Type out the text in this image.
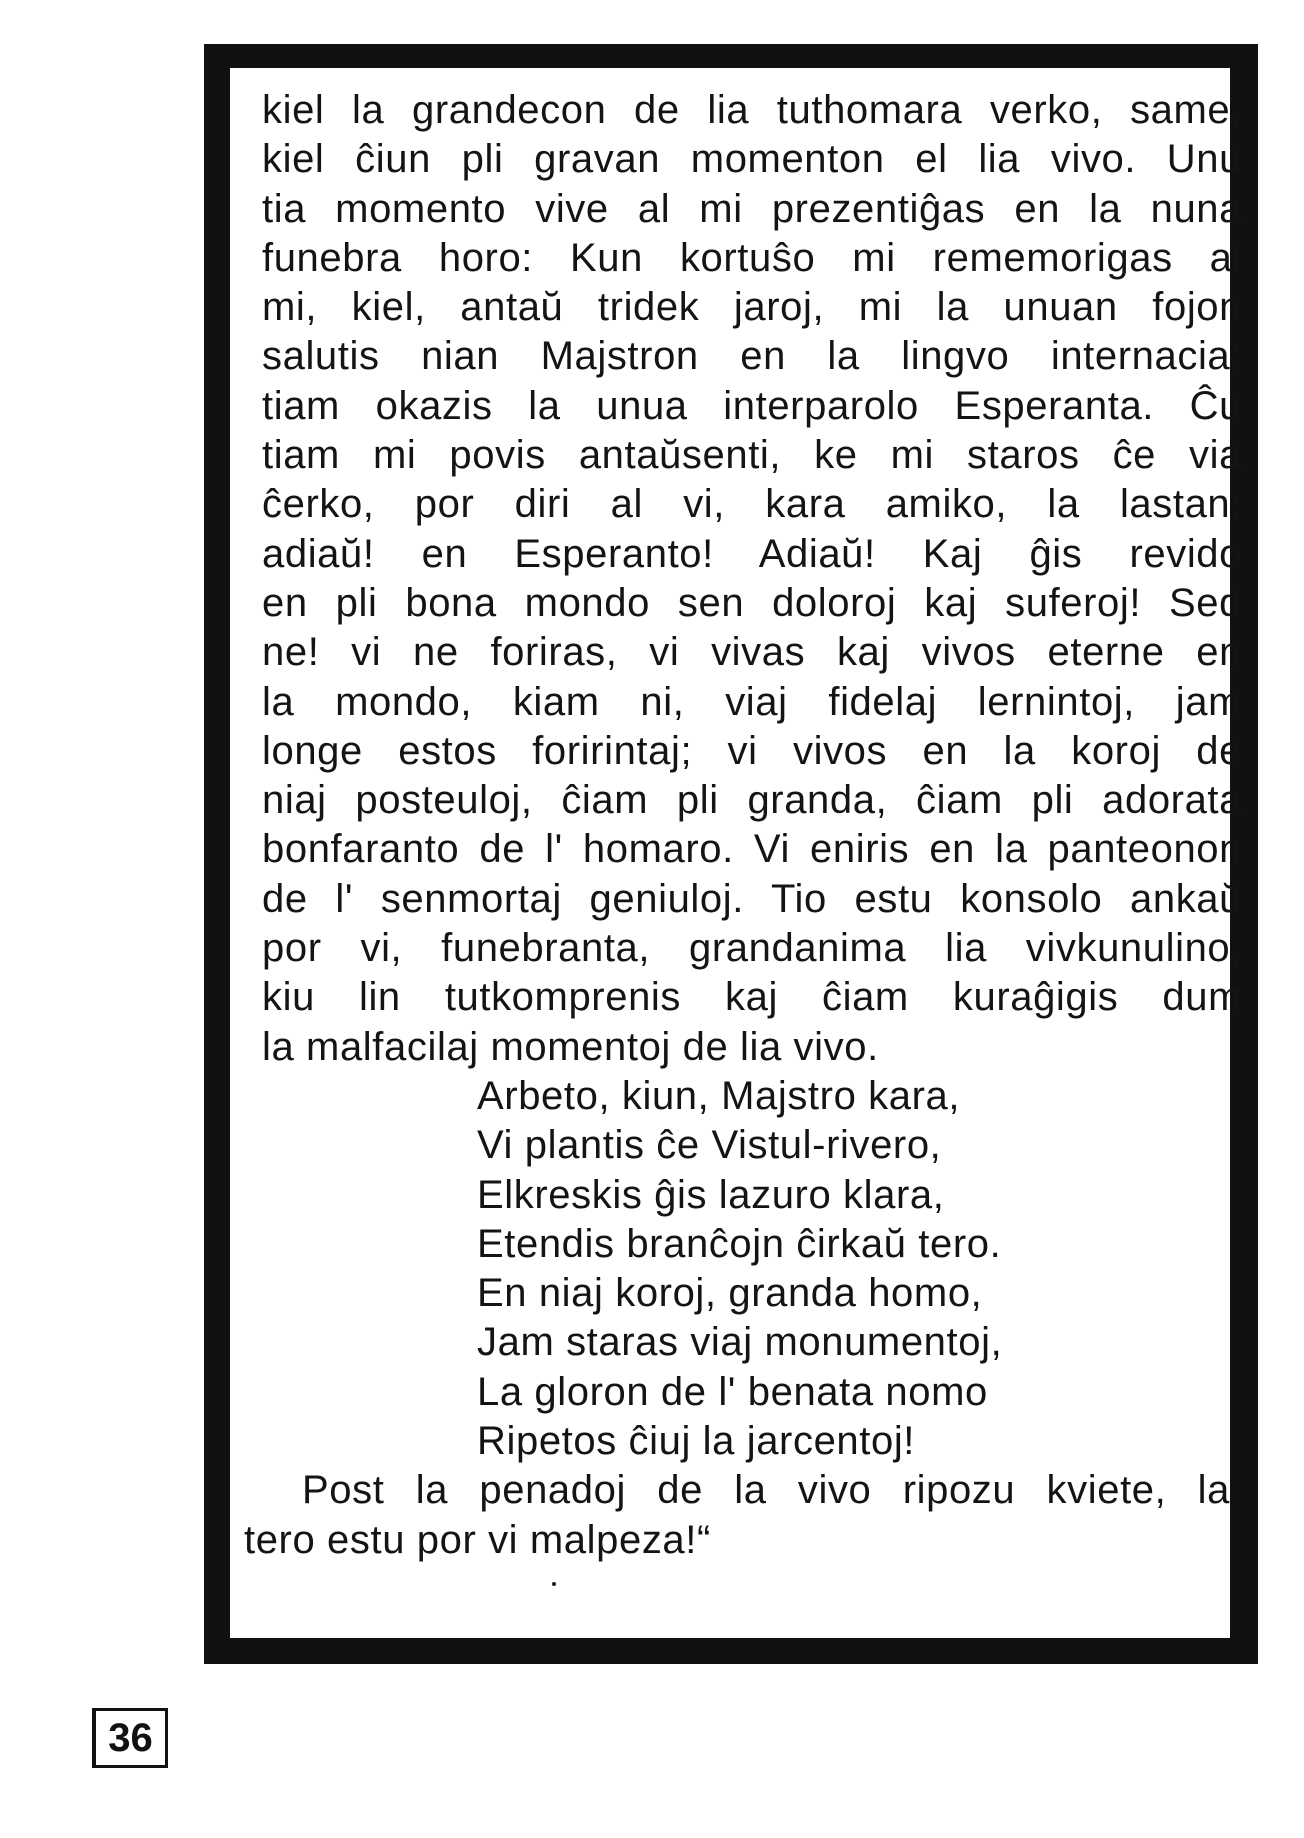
kiel la grandecon de lia tuthomara verko, same,
kiel ĉiun pli gravan momenton el lia vivo. Unu
tia momento vive al mi prezentiĝas en la nuna
funebra horo: Kun kortuŝo mi rememorigas al
mi, kiel, antaŭ tridek jaroj, mi la unuan fojon
salutis nian Majstron en la lingvo internacia:
tiam okazis la unua interparolo Esperanta. Ĉu
tiam mi povis antaŭsenti, ke mi staros ĉe via
ĉerko, por diri al vi, kara amiko, la lastan:
adiaŭ! en Esperanto! Adiaŭ! Kaj ĝis revido
en pli bona mondo sen doloroj kaj suferoj! Sed
ne! vi ne foriras, vi vivas kaj vivos eterne en
la mondo, kiam ni, viaj fidelaj lernintoj, jam
longe estos foririntaj; vi vivos en la koroj de
niaj posteuloj, ĉiam pli granda, ĉiam pli adorata
bonfaranto de l' homaro. Vi eniris en la panteonon
de l' senmortaj geniuloj. Tio estu konsolo ankaŭ
por vi, funebranta, grandanima lia vivkunulino,
kiu lin tutkomprenis kaj ĉiam kuraĝigis dum
la malfacilaj momentoj de lia vivo.
Arbeto, kiun, Majstro kara,
Vi plantis ĉe Vistul-rivero,
Elkreskis ĝis lazuro klara,
Etendis branĉojn ĉirkaŭ tero.
En niaj koroj, granda homo,
Jam staras viaj monumentoj,
La gloron de l' benata nomo
Ripetos ĉiuj la jarcentoj!
Post la penadoj de la vivo ripozu kviete, la
tero estu por vi malpeza!“
36
